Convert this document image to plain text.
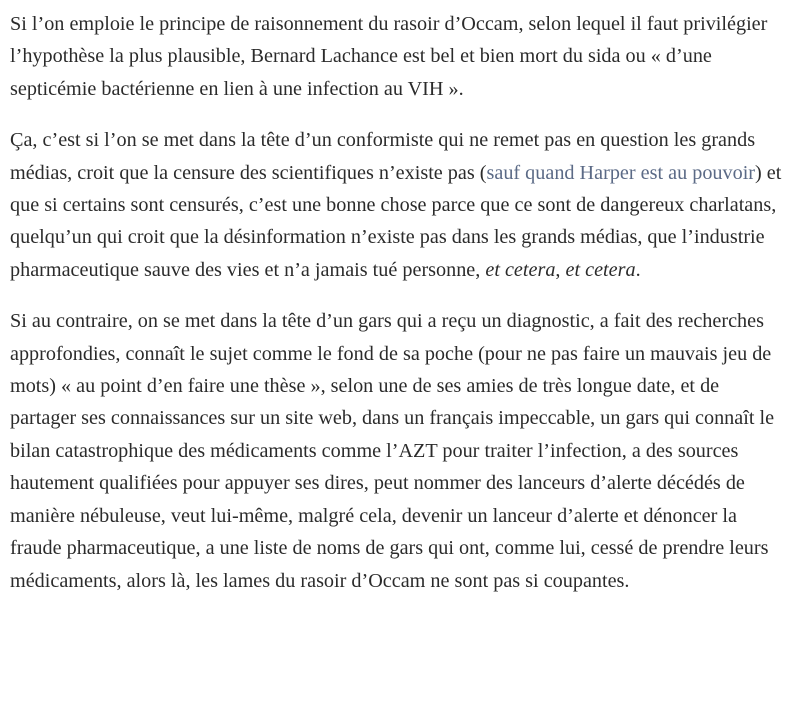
Si l’on emploie le principe de raisonnement du rasoir d’Occam, selon lequel il faut privilégier l’hypothèse la plus plausible, Bernard Lachance est bel et bien mort du sida ou « d’une septicémie bactérienne en lien à une infection au VIH ».

Ça, c’est si l’on se met dans la tête d’un conformiste qui ne remet pas en question les grands médias, croit que la censure des scientifiques n’existe pas (sauf quand Harper est au pouvoir) et que si certains sont censurés, c’est une bonne chose parce que ce sont de dangereux charlatans, quelqu’un qui croit que la désinformation n’existe pas dans les grands médias, que l’industrie pharmaceutique sauve des vies et n’a jamais tué personne, et cetera, et cetera.

Si au contraire, on se met dans la tête d’un gars qui a reçu un diagnostic, a fait des recherches approfondies, connaît le sujet comme le fond de sa poche (pour ne pas faire un mauvais jeu de mots) « au point d’en faire une thèse », selon une de ses amies de très longue date, et de partager ses connaissances sur un site web, dans un français impeccable, un gars qui connaît le bilan catastrophique des médicaments comme l’AZT pour traiter l’infection, a des sources hautement qualifiées pour appuyer ses dires, peut nommer des lanceurs d’alerte décédés de manière nébuleuse, veut lui-même, malgré cela, devenir un lanceur d’alerte et dénoncer la fraude pharmaceutique, a une liste de noms de gars qui ont, comme lui, cessé de prendre leurs médicaments, alors là, les lames du rasoir d’Occam ne sont pas si coupantes.
